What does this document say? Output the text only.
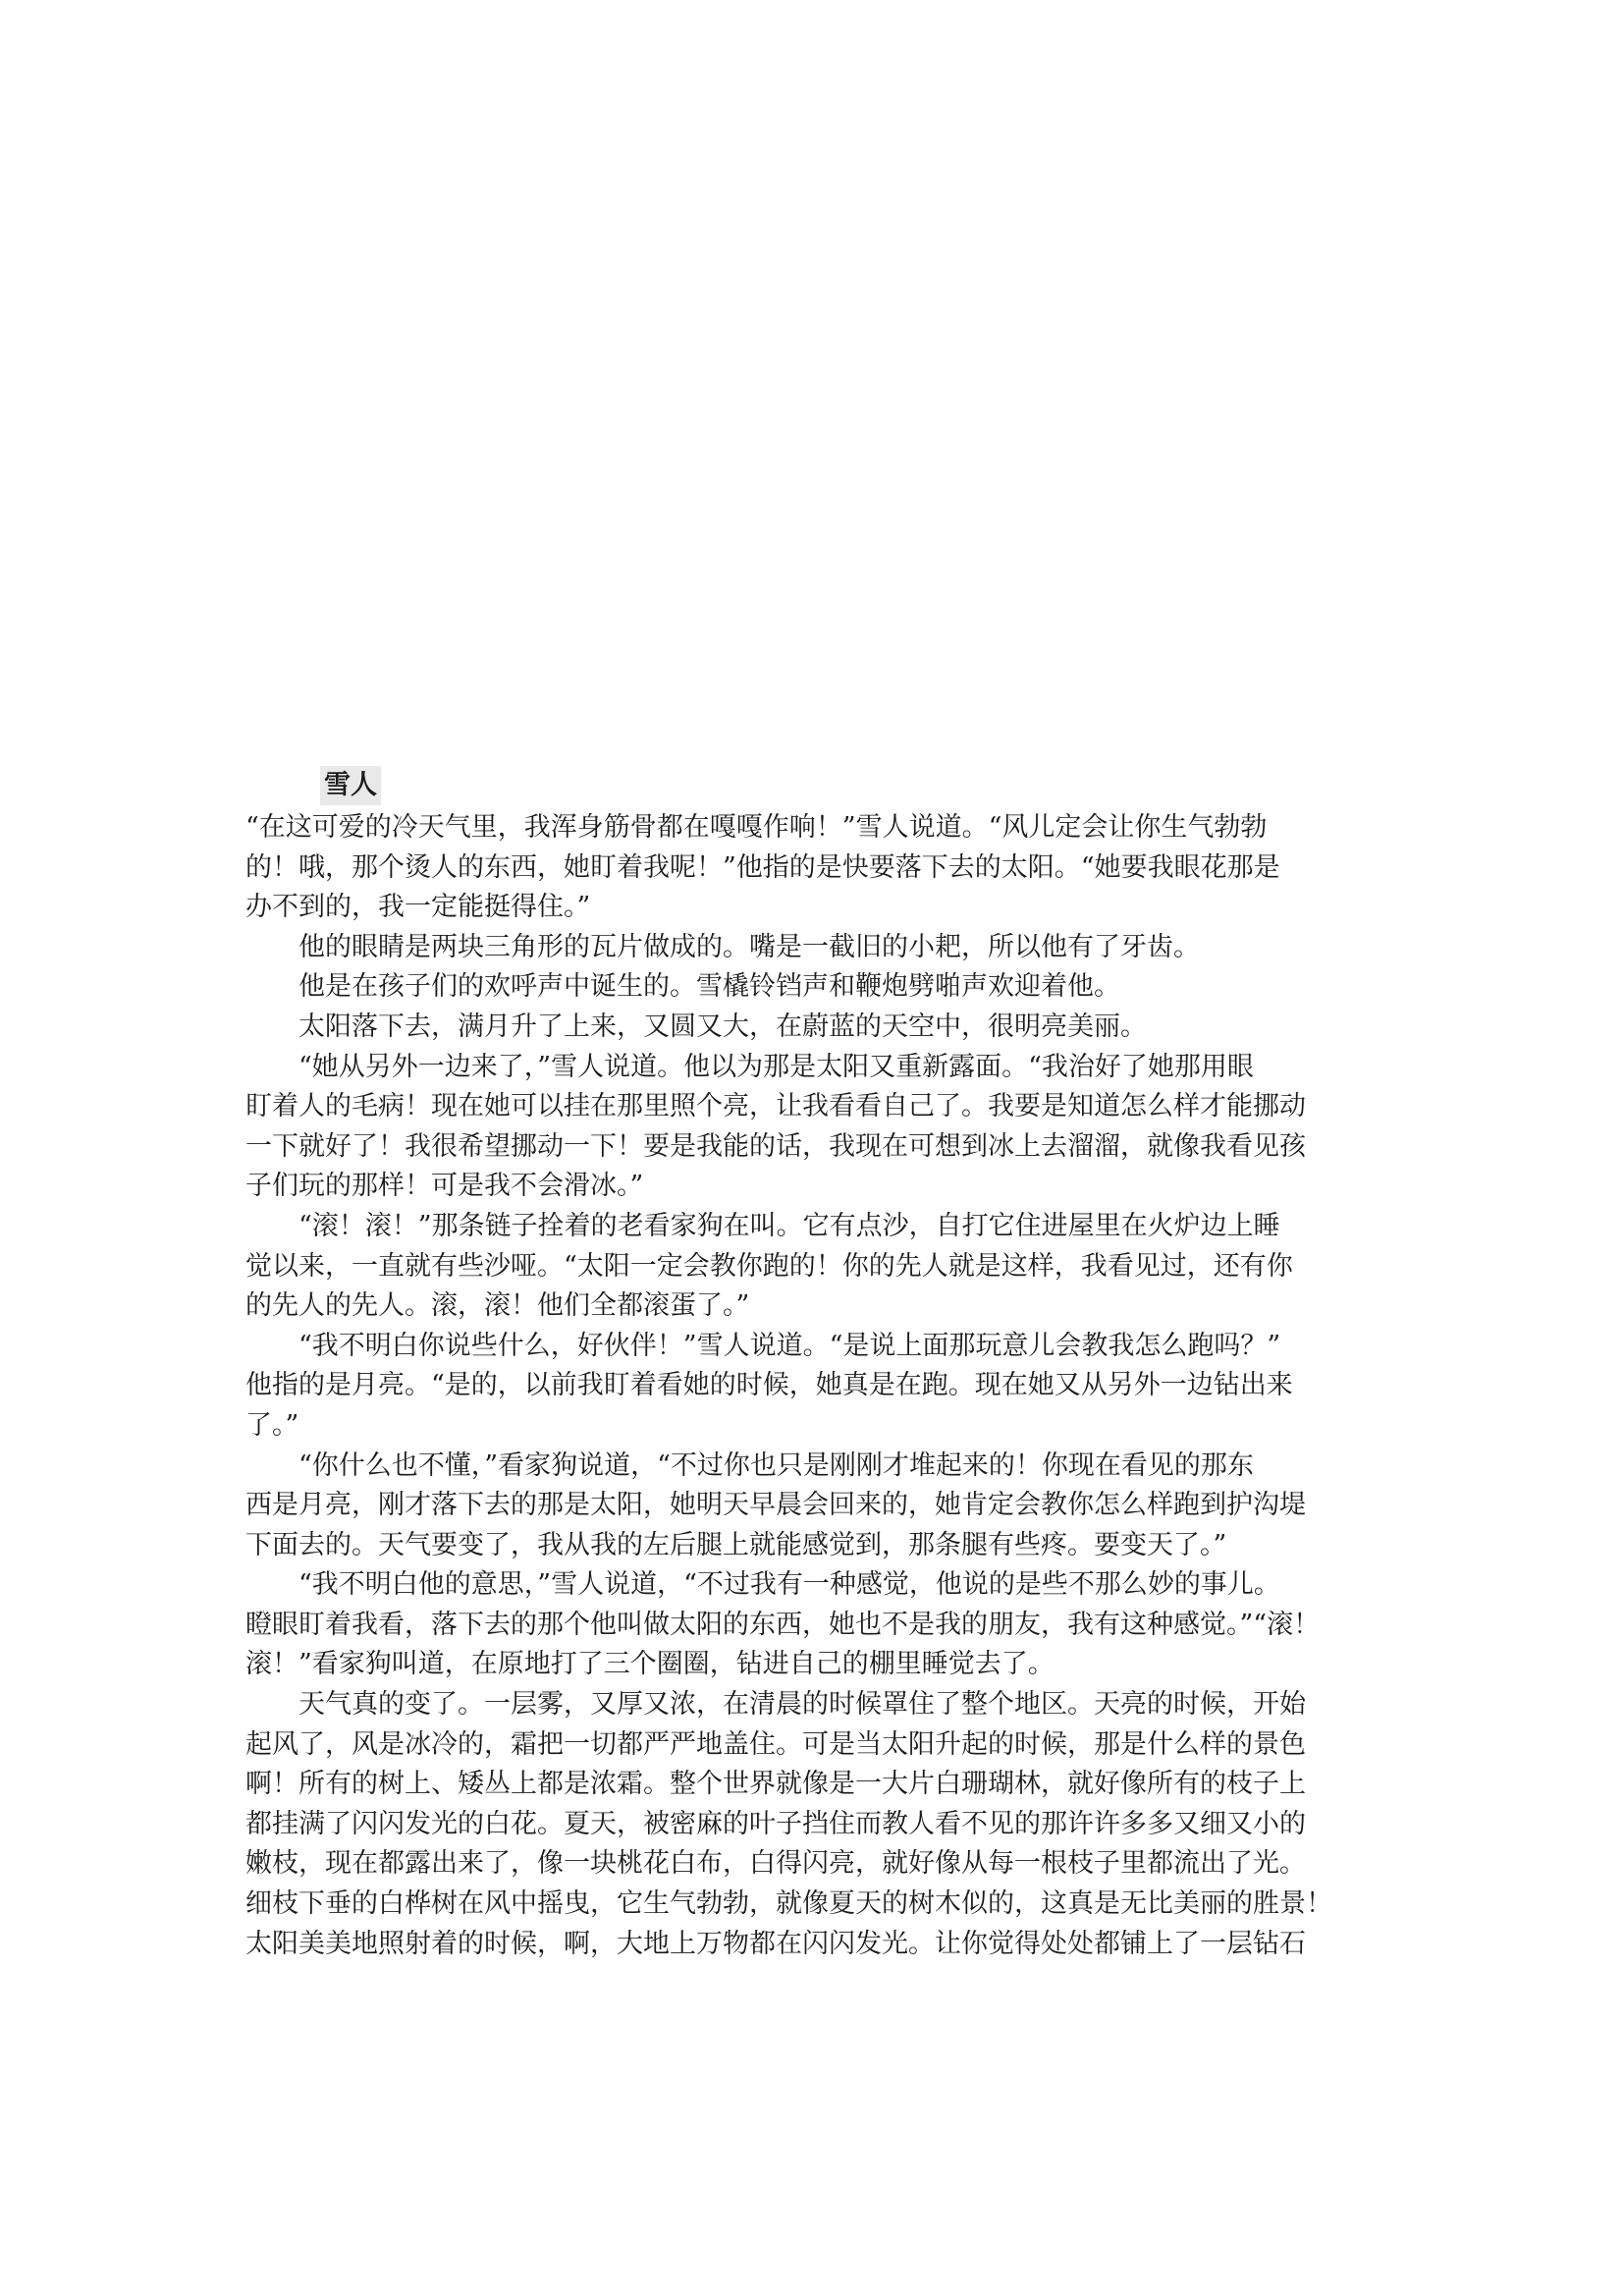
雪人
“在这可爱的冷天气里，我浑身筋骨都在嘎嘎作响！”雪人说道。“风儿定会让你生气勃勃
的！哦，那个烫人的东西，她盯着我呢！”他指的是快要落下去的太阳。“她要我眼花那是
办不到的，我一定能挺得住。”
他的眼睛是两块三角形的瓦片做成的。嘴是一截旧的小耙，所以他有了牙齿。
他是在孩子们的欢呼声中诞生的。雪橇铃铛声和鞭炮劈啪声欢迎着他。
太阳落下去，满月升了上来，又圆又大，在蔚蓝的天空中，很明亮美丽。
“她从另外一边来了，”雪人说道。他以为那是太阳又重新露面。“我治好了她那用眼
盯着人的毛病！现在她可以挂在那里照个亮，让我看看自己了。我要是知道怎么样才能挪动
一下就好了！我很希望挪动一下！要是我能的话，我现在可想到冰上去溜溜，就像我看见孩
子们玩的那样！可是我不会滑冰。”
“滚！滚！”那条链子拴着的老看家狗在叫。它有点沙，自打它住进屋里在火炉边上睡
觉以来，一直就有些沙哑。“太阳一定会教你跑的！你的先人就是这样，我看见过，还有你
的先人的先人。滚，滚！他们全都滚蛋了。”
“我不明白你说些什么，好伙伴！”雪人说道。“是说上面那玩意儿会教我怎么跑吗？”
他指的是月亮。“是的，以前我盯着看她的时候，她真是在跑。现在她又从另外一边钻出来
了。”
“你什么也不懂，”看家狗说道，“不过你也只是刚刚才堆起来的！你现在看见的那东
西是月亮，刚才落下去的那是太阳，她明天早晨会回来的，她肯定会教你怎么样跑到护沟堤
下面去的。天气要变了，我从我的左后腿上就能感觉到，那条腿有些疼。要变天了。”
“我不明白他的意思，”雪人说道，“不过我有一种感觉，他说的是些不那么妙的事儿。
瞪眼盯着我看，落下去的那个他叫做太阳的东西，她也不是我的朋友，我有这种感觉。”“滚！
滚！”看家狗叫道，在原地打了三个圈圈，钻进自己的棚里睡觉去了。
天气真的变了。一层雾，又厚又浓，在清晨的时候罩住了整个地区。天亮的时候，开始
起风了，风是冰冷的，霜把一切都严严地盖住。可是当太阳升起的时候，那是什么样的景色
啊！所有的树上、矮丛上都是浓霜。整个世界就像是一大片白珊瑚林，就好像所有的枝子上
都挂满了闪闪发光的白花。夏天，被密麻的叶子挡住而教人看不见的那许许多多又细又小的
嫩枝，现在都露出来了，像一块桃花白布，白得闪亮，就好像从每一根枝子里都流出了光。
细枝下垂的白桦树在风中摇曳，它生气勃勃，就像夏天的树木似的，这真是无比美丽的胜景！
太阳美美地照射着的时候，啊，大地上万物都在闪闪发光。让你觉得处处都铺上了一层钻石
